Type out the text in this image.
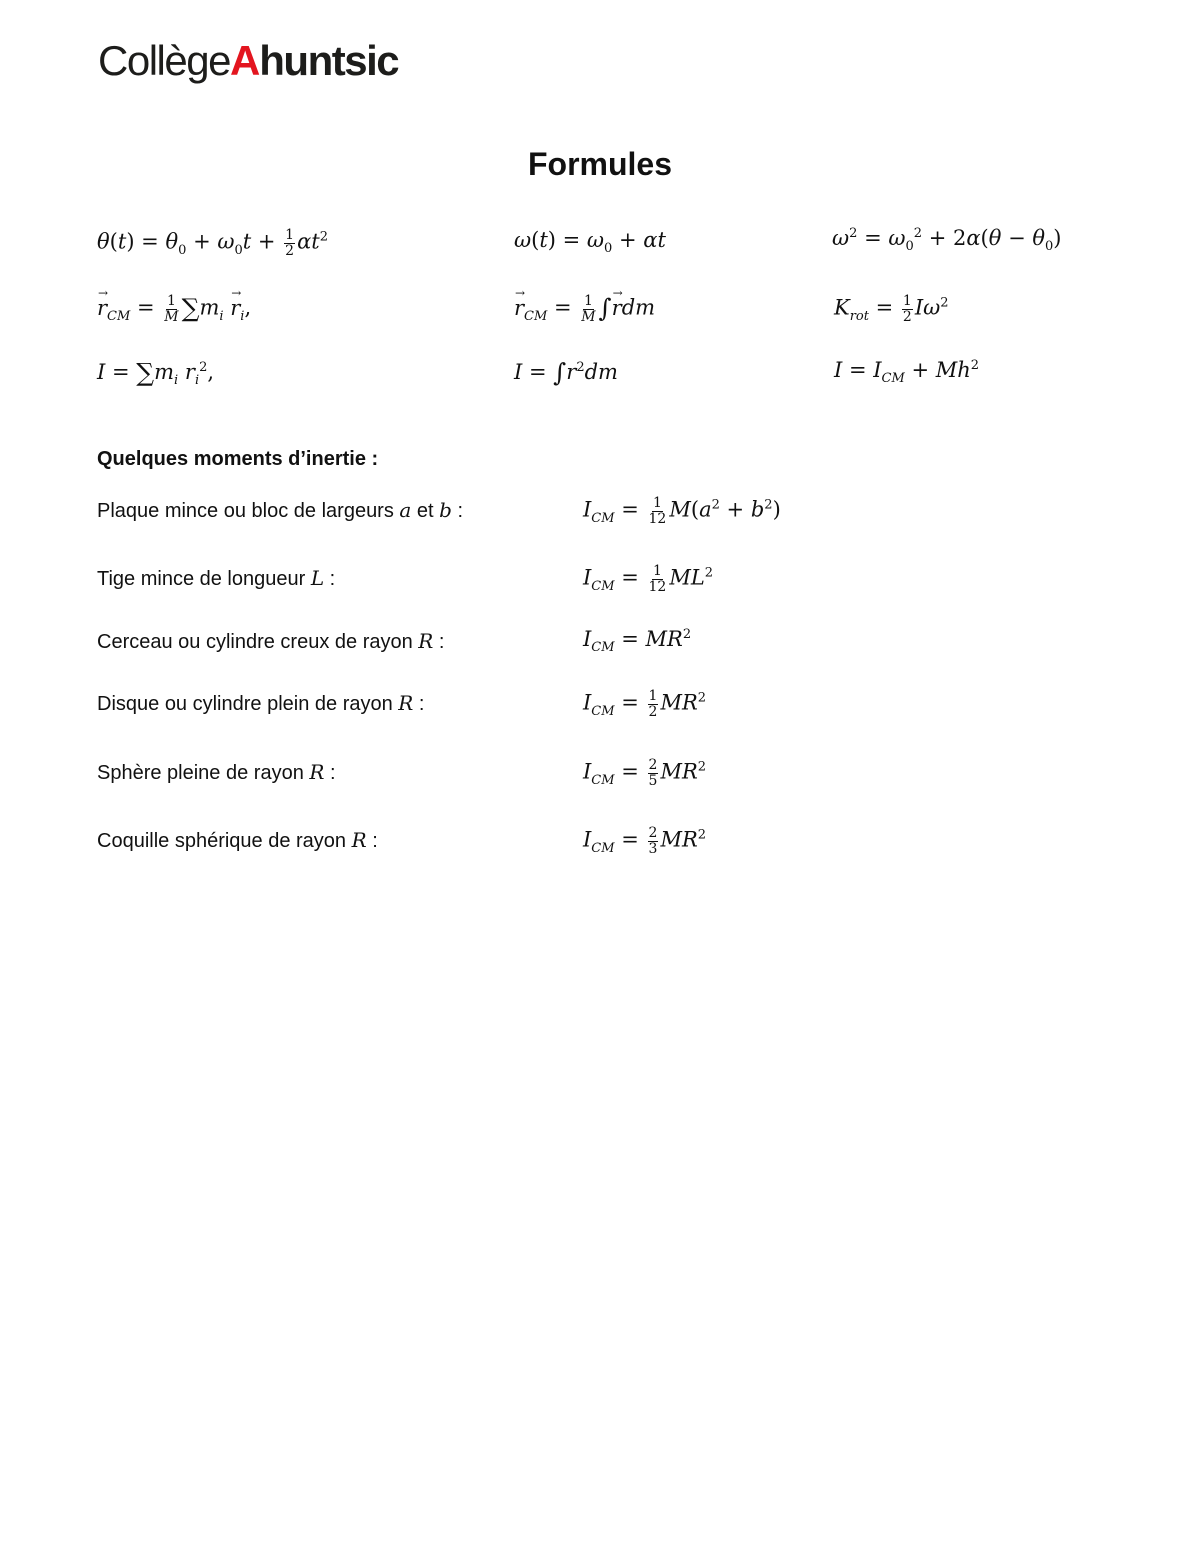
CollègeAhuntsic
Formules
$\theta(t) = \theta_0 + \omega_0t + \frac{1}{2} \alpha t^2$	$\omega(t) = \omega_0 + \alpha t$	$\omega^2 = \omega_0^2 + 2\alpha(\theta - \theta_0)$
→ $r_{CM} = \frac{1}{M} \sum m_i \to r_i$,	→ $r_{CM} = \frac{1}{M}$ ∫→ rdm	$K_{rot} = \frac{1}{2} I\omega^2$
$I = \sum m_i$ $r_i^2$,	$I = \int r^2dm$	$I = I_{CM} + Mh^2$
Quelques moments d’inertie :
Plaque mince ou bloc de largeurs a et b :	$I_{CM} = \frac{1}{12} M(a^2 + b^2)$
Tige mince de longueur L :	$I_{CM} = \frac{1}{12} ML^2$
Cerceau ou cylindre creux de rayon R :	$I_{CM} = MR^2$
Disque ou cylindre plein de rayon R :	$I_{CM} = \frac{1}{2} MR^2$
Sphère pleine de rayon R :	$I_{CM} = \frac{2}{5} MR^2$
Coquille sphérique de rayon R :	$I_{CM} = \frac{2}{3} MR^2$
